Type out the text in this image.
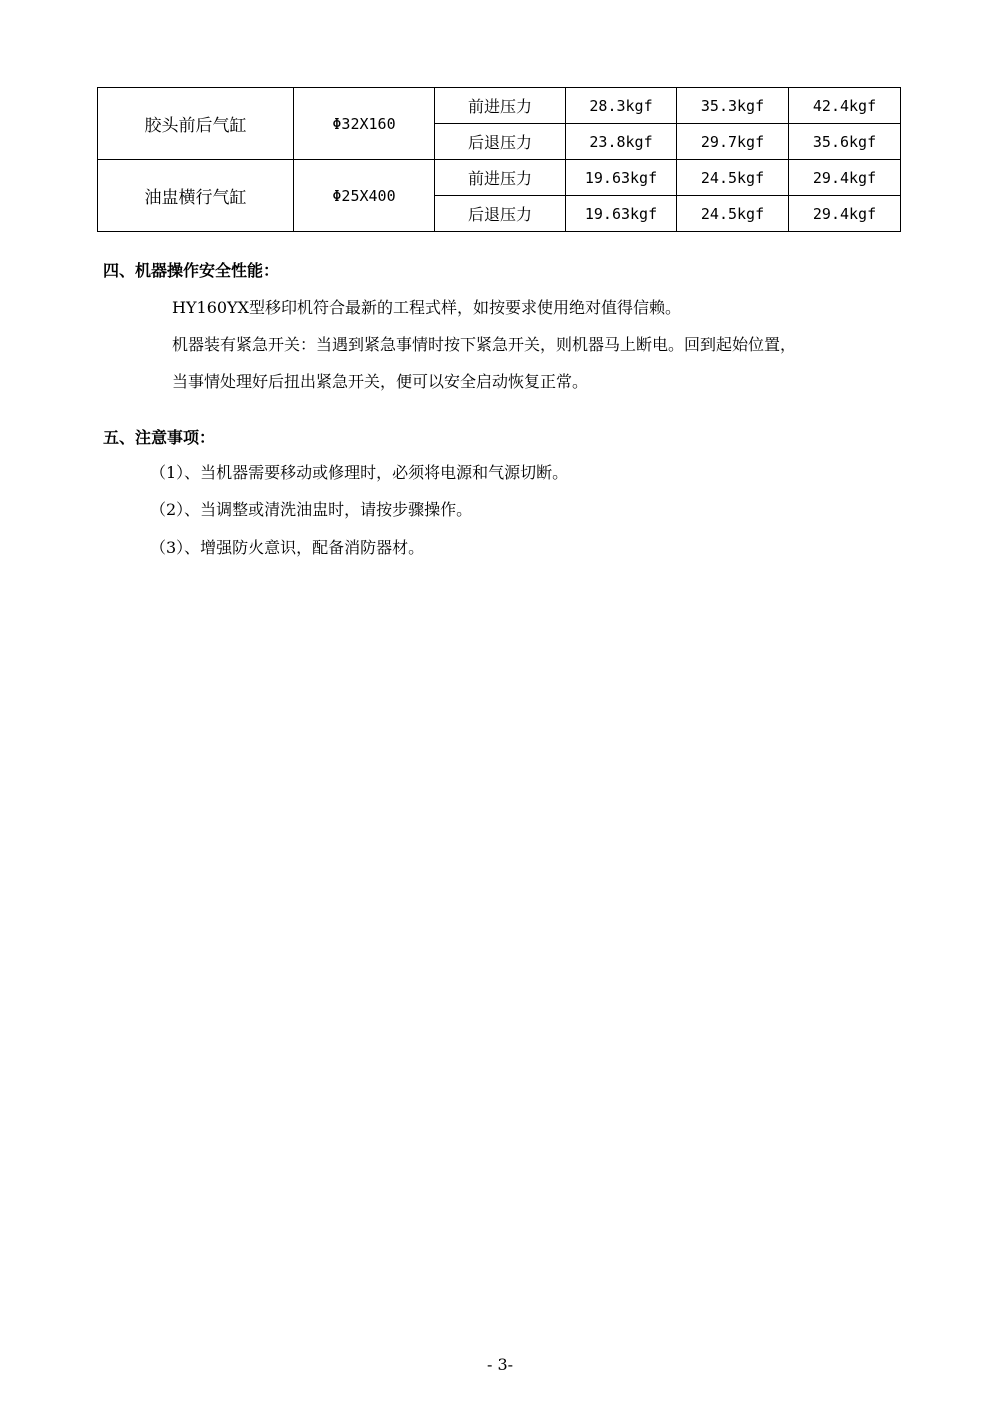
胶头前后气缸	Φ32X160	前进压力	28.3kgf	35.3kgf	42.4kgf
		后退压力	23.8kgf	29.7kgf	35.6kgf
油盅横行气缸	Φ25X400	前进压力	19.63kgf	24.5kgf	29.4kgf
		后退压力	19.63kgf	24.5kgf	29.4kgf
四、机器操作安全性能：
HY160YX型移印机符合最新的工程式样，如按要求使用绝对值得信赖。
机器装有紧急开关：当遇到紧急事情时按下紧急开关，则机器马上断电。回到起始位置，
当事情处理好后扭出紧急开关，便可以安全启动恢复正常。
五、注意事项：
（1）、当机器需要移动或修理时，必须将电源和气源切断。
（2）、当调整或清洗油盅时，请按步骤操作。
（3）、增强防火意识，配备消防器材。
- 3-
